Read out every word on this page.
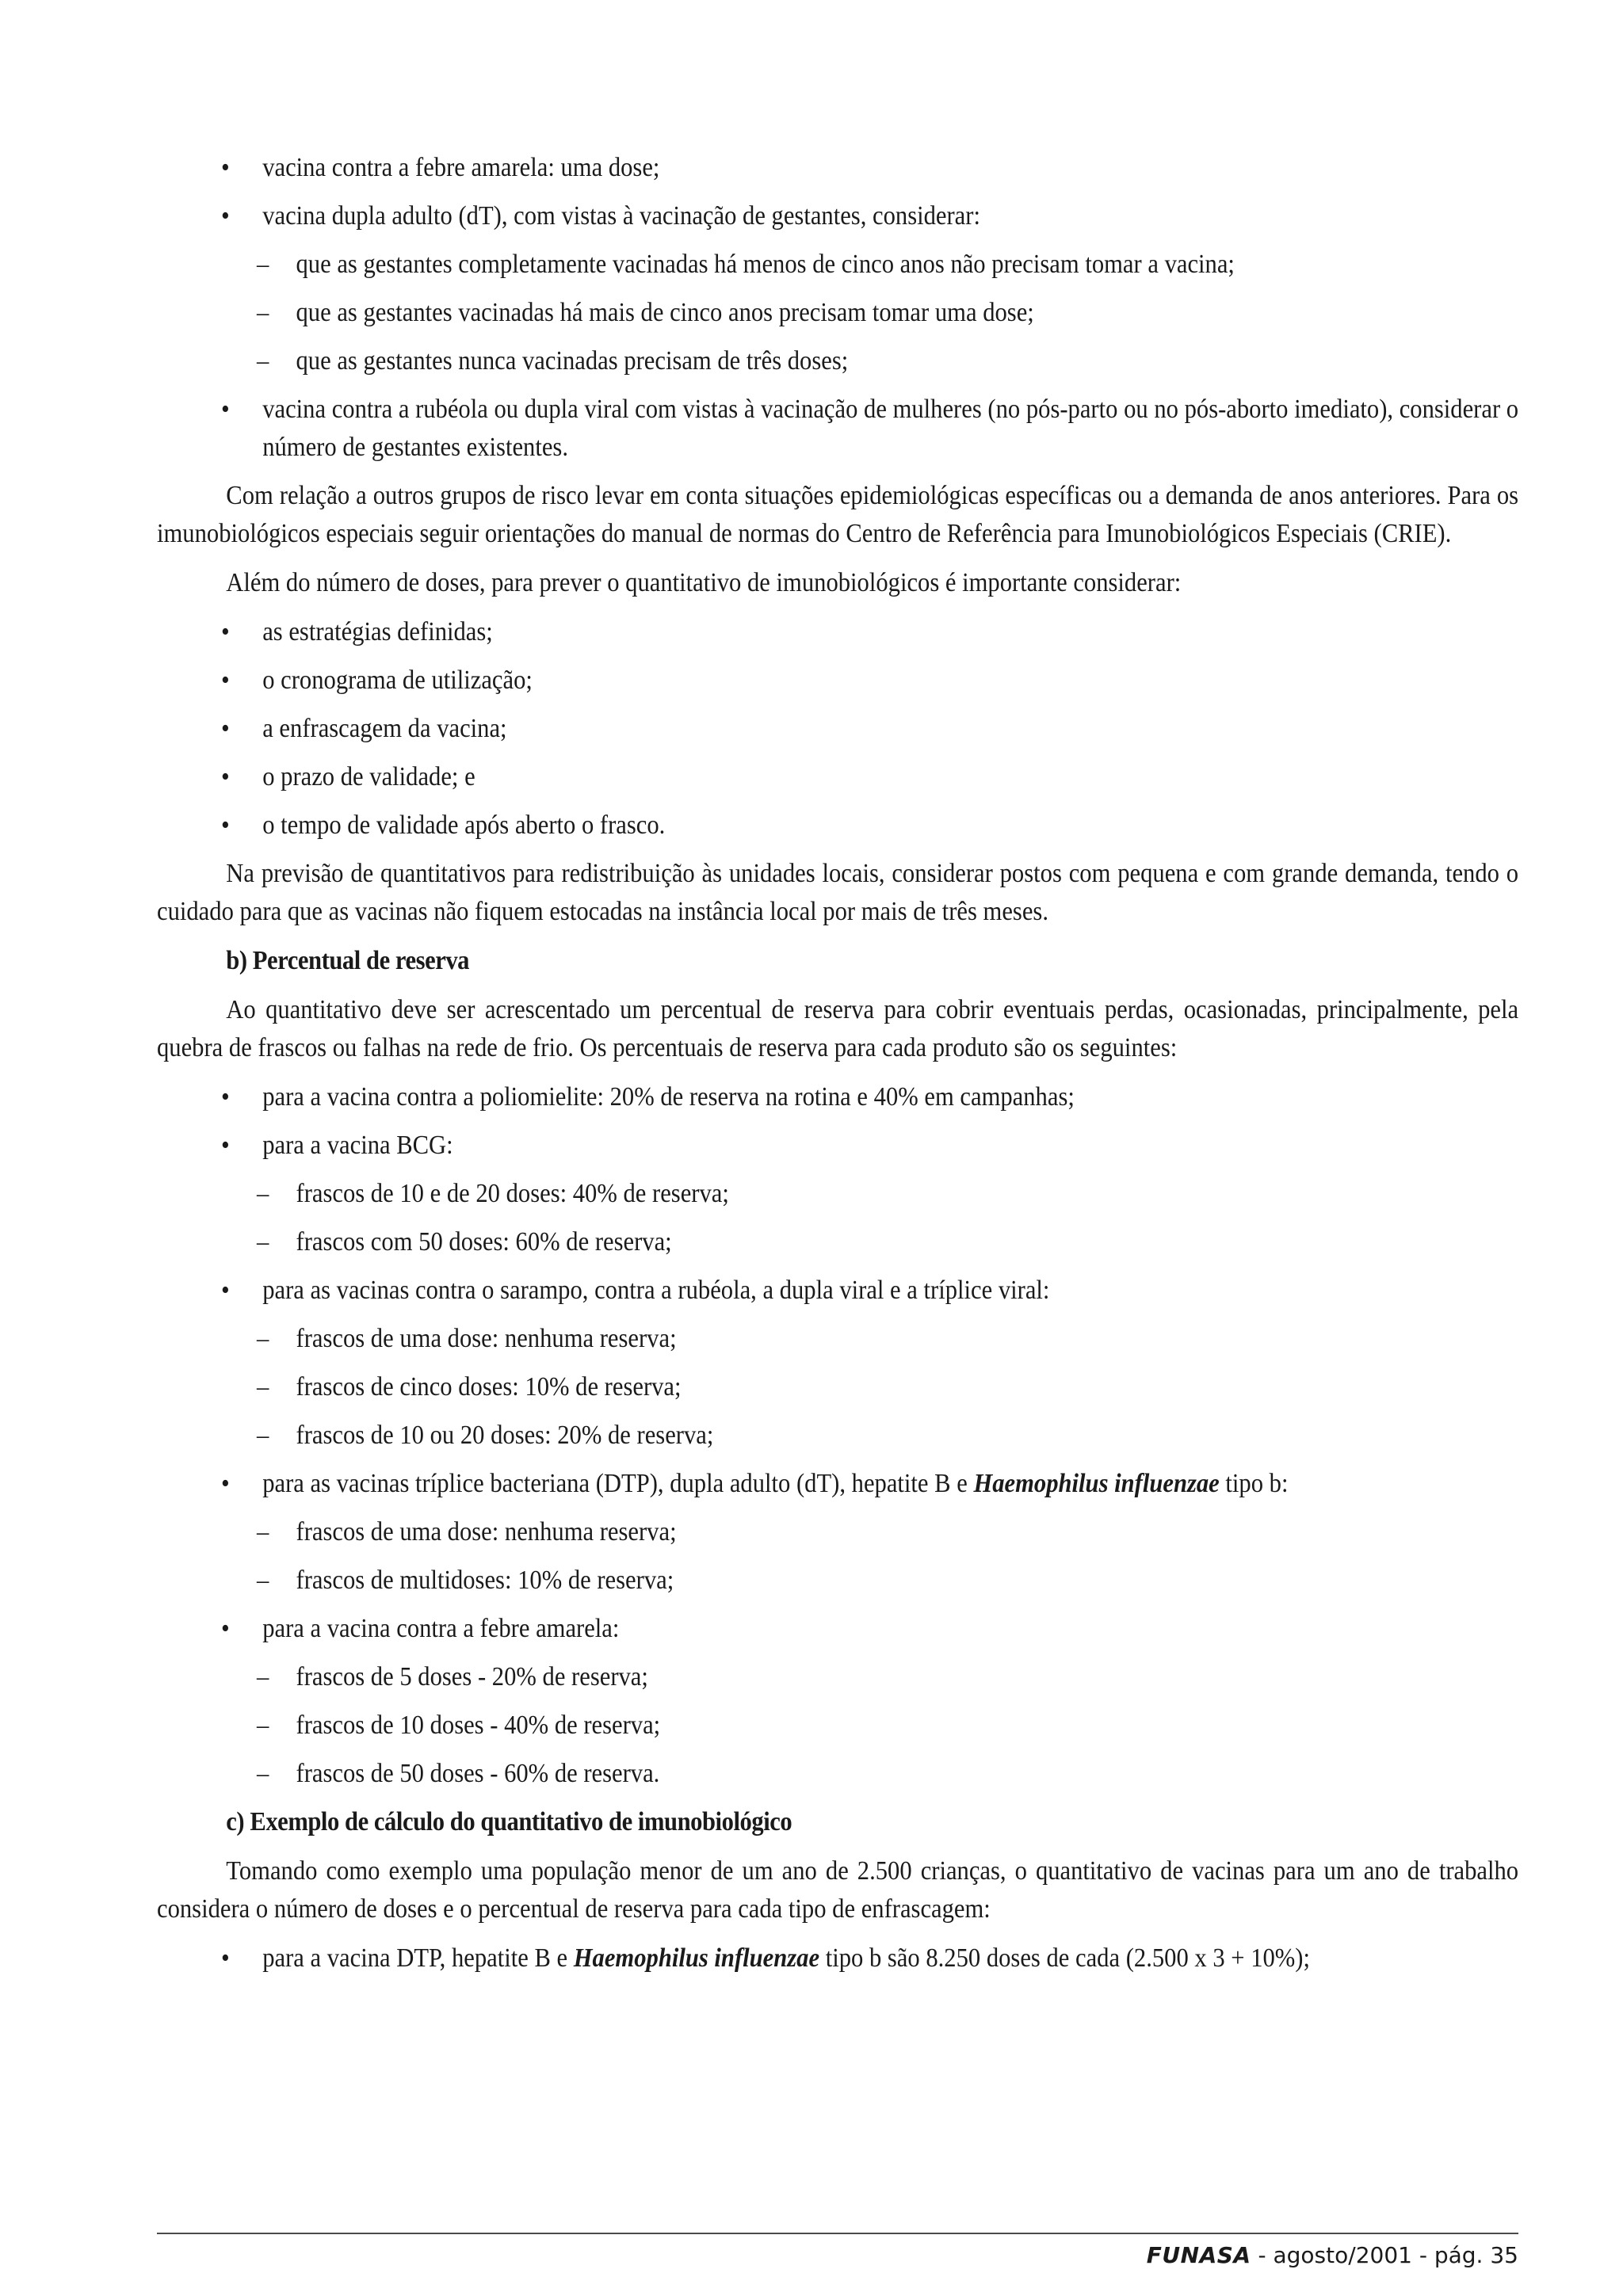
• vacina contra a febre amarela: uma dose;
• vacina dupla adulto (dT), com vistas à vacinação de gestantes, considerar:
– que as gestantes completamente vacinadas há menos de cinco anos não precisam tomar a vacina;
– que as gestantes vacinadas há mais de cinco anos precisam tomar uma dose;
– que as gestantes nunca vacinadas precisam de três doses;
• vacina contra a rubéola ou dupla viral com vistas à vacinação de mulheres (no pós-parto ou no pós-aborto imediato), considerar o número de gestantes existentes.
Com relação a outros grupos de risco levar em conta situações epidemiológicas específicas ou a demanda de anos anteriores. Para os imunobiológicos especiais seguir orientações do manual de normas do Centro de Referência para Imunobiológicos Especiais (CRIE).
Além do número de doses, para prever o quantitativo de imunobiológicos é importante considerar:
• as estratégias definidas;
• o cronograma de utilização;
• a enfrascagem da vacina;
• o prazo de validade; e
• o tempo de validade após aberto o frasco.
Na previsão de quantitativos para redistribuição às unidades locais, considerar postos com pequena e com grande demanda, tendo o cuidado para que as vacinas não fiquem estocadas na instância local por mais de três meses.
b) Percentual de reserva
Ao quantitativo deve ser acrescentado um percentual de reserva para cobrir eventuais perdas, ocasionadas, principalmente, pela quebra de frascos ou falhas na rede de frio. Os percentuais de reserva para cada produto são os seguintes:
• para a vacina contra a poliomielite: 20% de reserva na rotina e 40% em campanhas;
• para a vacina BCG:
– frascos de 10 e de 20 doses: 40% de reserva;
– frascos com 50 doses: 60% de reserva;
• para as vacinas contra o sarampo, contra a rubéola, a dupla viral e a tríplice viral:
– frascos de uma dose: nenhuma reserva;
– frascos de cinco doses: 10% de reserva;
– frascos de 10 ou 20 doses: 20% de reserva;
• para as vacinas tríplice bacteriana (DTP), dupla adulto (dT), hepatite B e Haemophilus influenzae tipo b:
– frascos de uma dose: nenhuma reserva;
– frascos de multidoses: 10% de reserva;
• para a vacina contra a febre amarela:
– frascos de 5 doses - 20% de reserva;
– frascos de 10 doses - 40% de reserva;
– frascos de 50 doses - 60% de reserva.
c) Exemplo de cálculo do quantitativo de imunobiológico
Tomando como exemplo uma população menor de um ano de 2.500 crianças, o quantitativo de vacinas para um ano de trabalho considera o número de doses e o percentual de reserva para cada tipo de enfrascagem:
• para a vacina DTP, hepatite B e Haemophilus influenzae tipo b são 8.250 doses de cada (2.500 x 3 + 10%);
FUNASA - agosto/2001 - pág. 35
